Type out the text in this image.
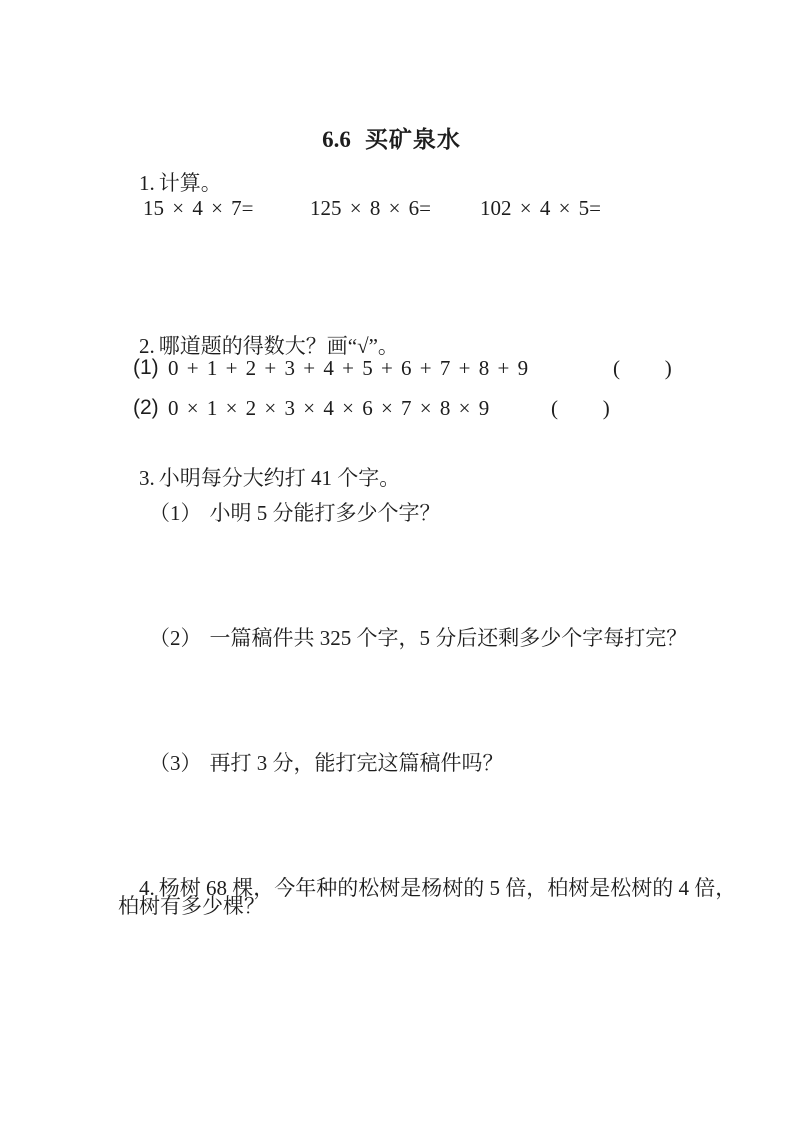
6.6 买矿泉水

1. 计算。

15 × 4 × 7=	125 × 8 × 6= 102 × 4 × 5=

2. 哪道题的得数大？画“√”。

(1) 0 + 1 + 2 + 3 + 4 + 5 + 6 + 7 + 8 + 9	(       )
(2) 0 × 1 × 2 × 3 × 4 × 6 × 7 × 8 × 9	(       )

3. 小明每分大约打 41 个字。

（1） 小明 5 分能打多少个字？

（2） 一篇稿件共 325 个字，5 分后还剩多少个字每打完？

（3） 再打 3 分，能打完这篇稿件吗？

4. 杨树 68 棵，今年种的松树是杨树的 5 倍，柏树是松树的 4 倍，

柏树有多少棵？
